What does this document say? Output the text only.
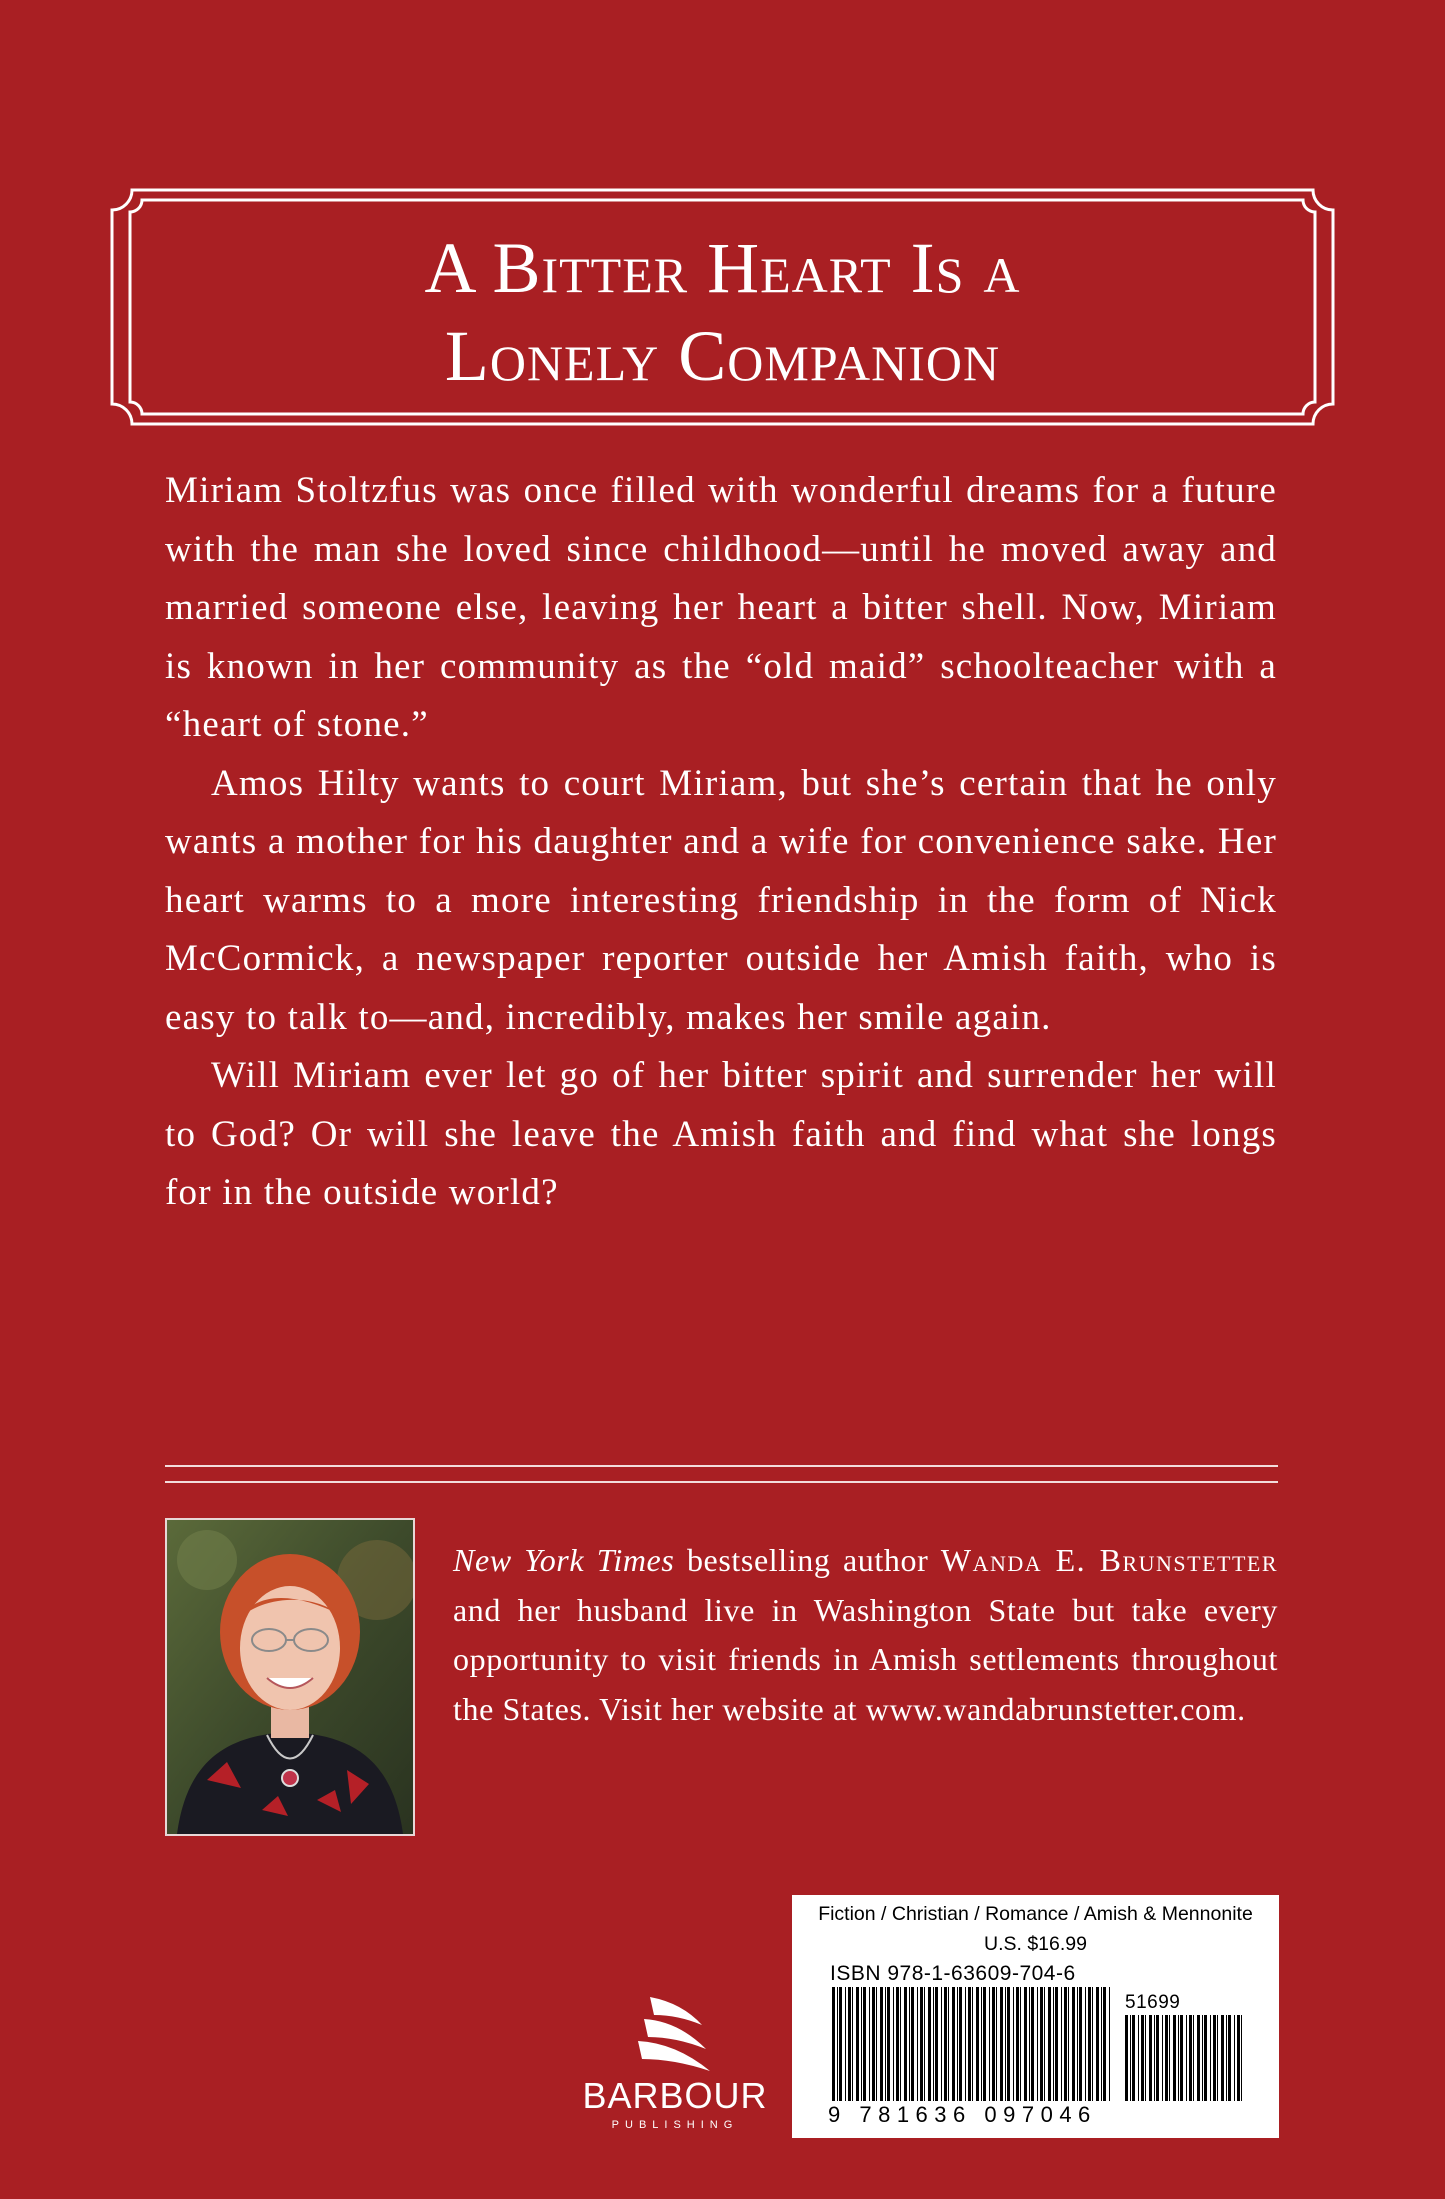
A Bitter Heart Is a
Lonely Companion

Miriam Stoltzfus was once filled with wonderful dreams for a future with the man she loved since childhood—until he moved away and married someone else, leaving her heart a bitter shell. Now, Miriam is known in her community as the “old maid” schoolteacher with a “heart of stone.”

Amos Hilty wants to court Miriam, but she’s certain that he only wants a mother for his daughter and a wife for convenience sake. Her heart warms to a more interesting friendship in the form of Nick McCormick, a newspaper reporter outside her Amish faith, who is easy to talk to—and, incredibly, makes her smile again.

Will Miriam ever let go of her bitter spirit and surrender her will to God? Or will she leave the Amish faith and find what she longs for in the outside world?

New York Times bestselling author Wanda E. Brunstetter and her husband live in Washington State but take every opportunity to visit friends in Amish settlements throughout the States. Visit her website at www.wandabrunstetter.com.
BARBOUR
PUBLISHING
Fiction / Christian / Romance / Amish & Mennonite
U.S. $16.99
ISBN 978-1-63609-704-6
51699
9 781636 097046
